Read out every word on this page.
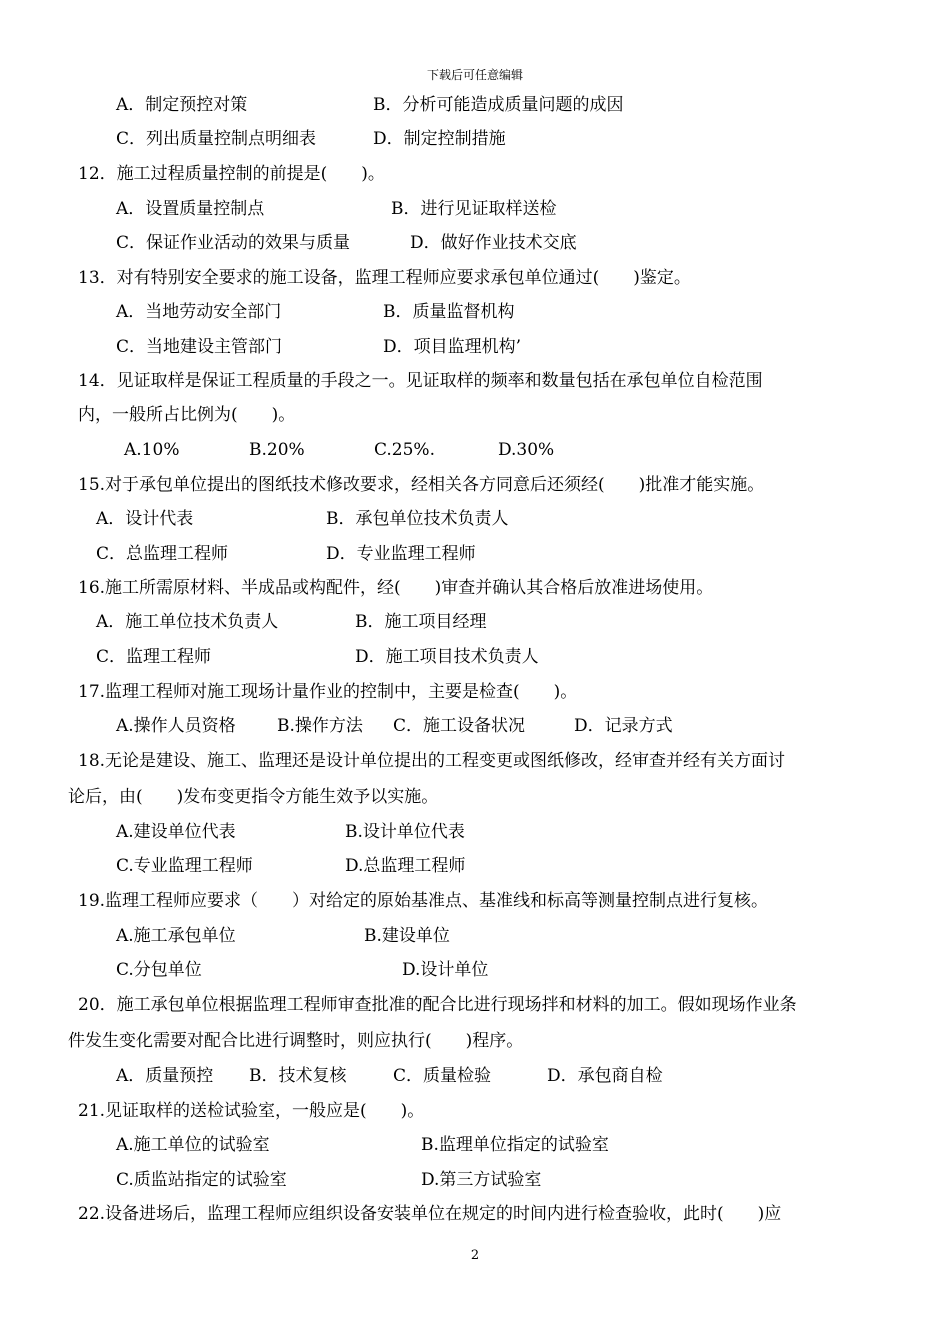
下载后可任意编辑
A．制定预控对策	B．分析可能造成质量问题的成因
C．列出质量控制点明细表	D．制定控制措施
12．施工过程质量控制的前提是(　　)。
A．设置质量控制点	B．进行见证取样送检
C．保证作业活动的效果与质量	D．做好作业技术交底
13．对有特别安全要求的施工设备，监理工程师应要求承包单位通过(　　)鉴定。
A．当地劳动安全部门	B．质量监督机构
C．当地建设主管部门	D．项目监理机构’
14．见证取样是保证工程质量的手段之一。见证取样的频率和数量包括在承包单位自检范围
内，一般所占比例为(　　)。
A.10%	B.20%	C.25%.	D.30%
15.对于承包单位提出的图纸技术修改要求，经相关各方同意后还须经(　　)批准才能实施。
A．设计代表	B．承包单位技术负责人
C．总监理工程师	D．专业监理工程师
16.施工所需原材料、半成品或构配件，经(　　)审查并确认其合格后放准进场使用。
A．施工单位技术负责人	B．施工项目经理
C．监理工程师	D．施工项目技术负责人
17.监理工程师对施工现场计量作业的控制中，主要是检查(　　)。
A.操作人员资格 B.操作方法 C．施工设备状况	D．记录方式
18.无论是建设、施工、监理还是设计单位提出的工程变更或图纸修改，经审查并经有关方面讨
论后，由(　　)发布变更指令方能生效予以实施。
A.建设单位代表	B.设计单位代表
C.专业监理工程师	D.总监理工程师
19.监理工程师应要求（　　）对给定的原始基准点、基准线和标高等测量控制点进行复核。
A.施工承包单位	B.建设单位
C.分包单位	D.设计单位
20．施工承包单位根据监理工程师审查批准的配合比进行现场拌和材料的加工。假如现场作业条
件发生变化需要对配合比进行调整时，则应执行(　　)程序。
A．质量预控 B．技术复核	C．质量检验	D．承包商自检
21.见证取样的送检试验室，一般应是(　　)。
A.施工单位的试验室	B.监理单位指定的试验室
C.质监站指定的试验室	D.第三方试验室
22.设备进场后，监理工程师应组织设备安装单位在规定的时间内进行检查验收，此时(　　)应
2
